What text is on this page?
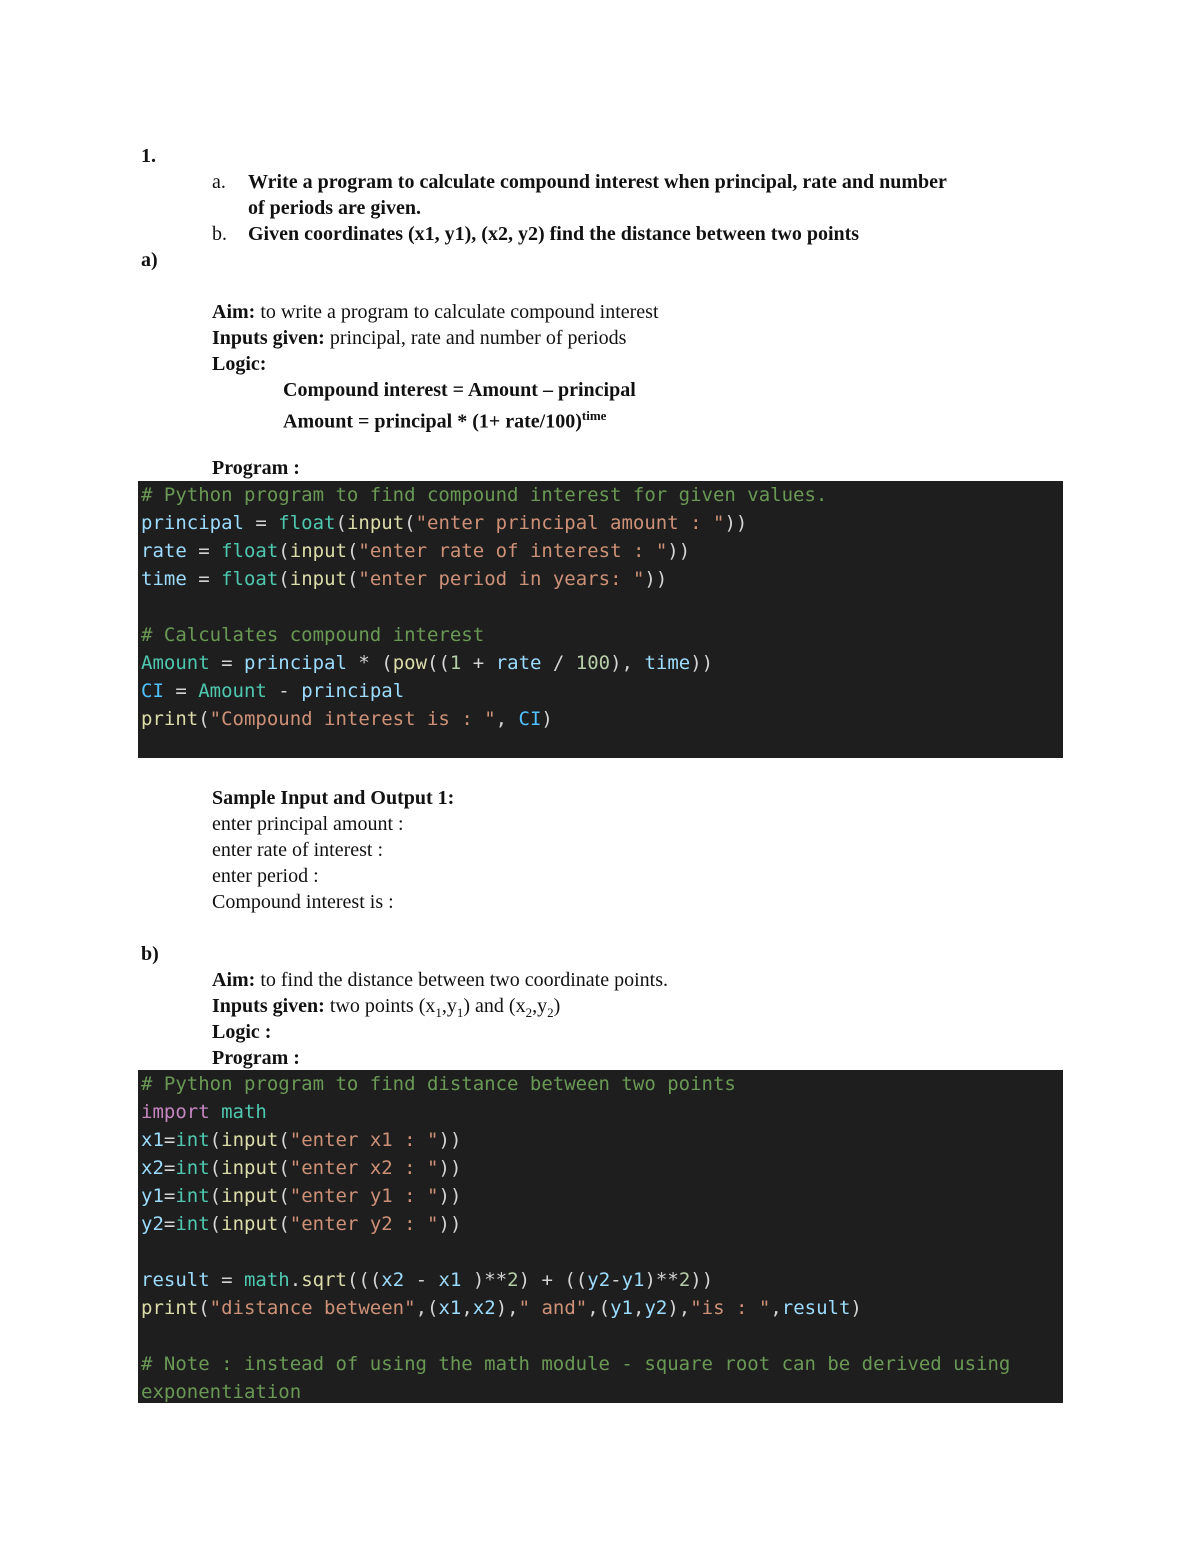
1.
a. Write a program to calculate compound interest when principal, rate and number
of periods are given.
b. Given coordinates (x1, y1), (x2, y2) find the distance between two points
a)
Aim: to write a program to calculate compound interest
Inputs given: principal, rate and number of periods
Logic:
Compound interest = Amount – principal
Amount = principal * (1+ rate/100)$^{time}$
Program :
# Python program to find compound interest for given values.
principal = float(input("enter principal amount : "))
rate = float(input("enter rate of interest : "))
time = float(input("enter period in years: "))
# Calculates compound interest
Amount = principal * (pow((1 + rate / 100), time))
CI = Amount - principal
print("Compound interest is : ", CI)
Sample Input and Output 1:
enter principal amount :
enter rate of interest :
enter period :
Compound interest is :
b)
Aim: to find the distance between two coordinate points.
Inputs given: two points $(x_1,y_1)$ and $(x_2,y_2)$
Logic :
Program :
# Python program to find distance between two points
import math
x1=int(input("enter x1 : "))
x2=int(input("enter x2 : "))
y1=int(input("enter y1 : "))
y2=int(input("enter y2 : "))
result = math.sqrt(((x2 - x1 )**2) + ((y2-y1)**2))
print("distance between",(x1,x2)," and",(y1,y2),"is : ",result)
# Note : instead of using the math module - square root can be derived using
exponentiation
